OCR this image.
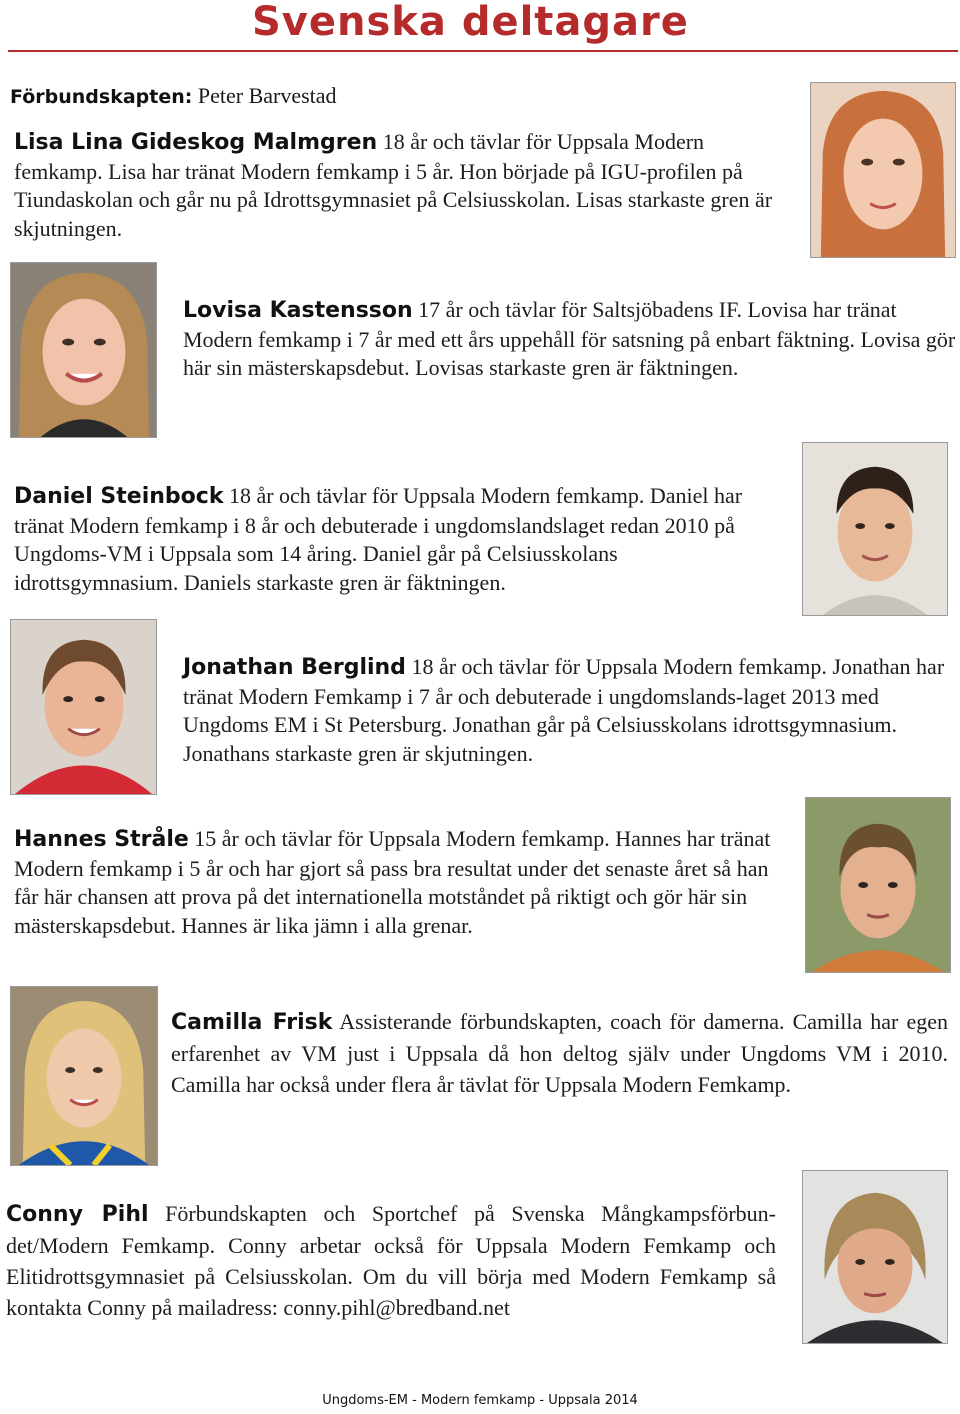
Svenska deltagare
Förbundskapten: Peter Barvestad
Lisa Lina Gideskog Malmgren 18 år och tävlar för Uppsala Modern femkamp. Lisa har tränat Modern femkamp i 5 år. Hon började på IGU-profilen på Tiundaskolan och går nu på Idrottsgymnasiet på Celsiusskolan. Lisas starkaste gren är skjutningen.
Lovisa Kastensson 17 år och tävlar för Saltsjöbadens IF. Lovisa har tränat Modern femkamp i 7 år med ett års uppehåll för satsning på enbart fäktning. Lovisa gör här sin mästerskapsdebut. Lovisas starkaste gren är fäktningen.
Daniel Steinbock 18 år och tävlar för Uppsala Modern femkamp. Daniel har tränat Modern femkamp i 8 år och debuterade i ungdomslandslaget redan 2010 på Ungdoms-VM i Uppsala som 14 åring. Daniel går på Celsiusskolans idrottsgymnasium. Daniels starkaste gren är fäktningen.
Jonathan Berglind 18 år och tävlar för Uppsala Modern femkamp. Jonathan har tränat Modern Femkamp i 7 år och debuterade i ungdomslands-laget 2013 med Ungdoms EM i St Petersburg. Jonathan går på Celsiusskolans idrottsgymnasium. Jonathans starkaste gren är skjutningen.
Hannes Stråle 15 år och tävlar för Uppsala Modern femkamp. Hannes har tränat Modern femkamp i 5 år och har gjort så pass bra resultat under det senaste året så han får här chansen att prova på det internationella motståndet på riktigt och gör här sin mästerskapsdebut. Hannes är lika jämn i alla grenar.
Camilla Frisk Assisterande förbundskapten, coach för damerna. Camilla har egen erfarenhet av VM just i Uppsala då hon deltog själv under Ungdoms VM i 2010. Camilla har också under flera år tävlat för Uppsala Modern Femkamp.
Conny Pihl Förbundskapten och Sportchef på Svenska Mångkampsförbun-det/Modern Femkamp. Conny arbetar också för Uppsala Modern Femkamp och Elitidrottsgymnasiet på Celsiusskolan. Om du vill börja med Modern Femkamp så kontakta Conny på mailadress: conny.pihl@bredband.net
Ungdoms-EM - Modern femkamp - Uppsala 2014
